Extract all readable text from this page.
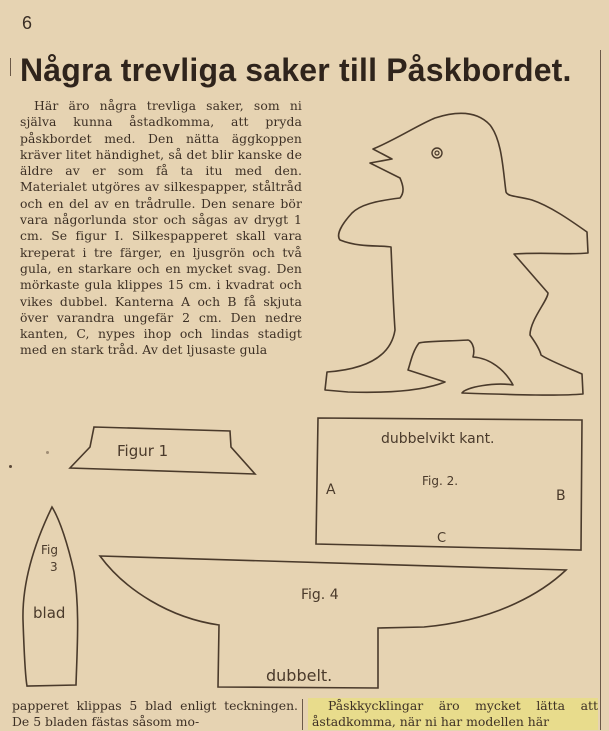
6
Några trevliga saker till Påskbordet.

Här äro några trevliga saker, som ni själva kunna åstadkomma, att pryda påskbordet med. Den nätta äggkoppen kräver litet händighet, så det blir kanske de äldre av er som få ta itu med den. Materialet utgöres av silkespapper, ståltråd och en del av en trådrulle. Den senare bör vara någorlunda stor och sågas av drygt 1 cm. Se figur I. Silkespapperet skall vara kreperat i tre färger, en ljusgrön och två gula, en starkare och en mycket svag. Den mörkaste gula klippes 15 cm. i kvadrat och vikes dubbel. Kanterna A och B få skjuta över varandra ungefär 2 cm. Den nedre kanten, C, nypes ihop och lindas stadigt med en stark tråd. Av det ljusaste gula

Figur 1
dubbelvikt kant.
Fig. 2.
A	B
C
Fig
3
blad
Fig. 4
dubbelt.

papperet klippas 5 blad enligt teckningen. De 5 bladen fästas såsom mo-

Påskkycklingar äro mycket lätta att åstadkomma, när ni har modellen här
